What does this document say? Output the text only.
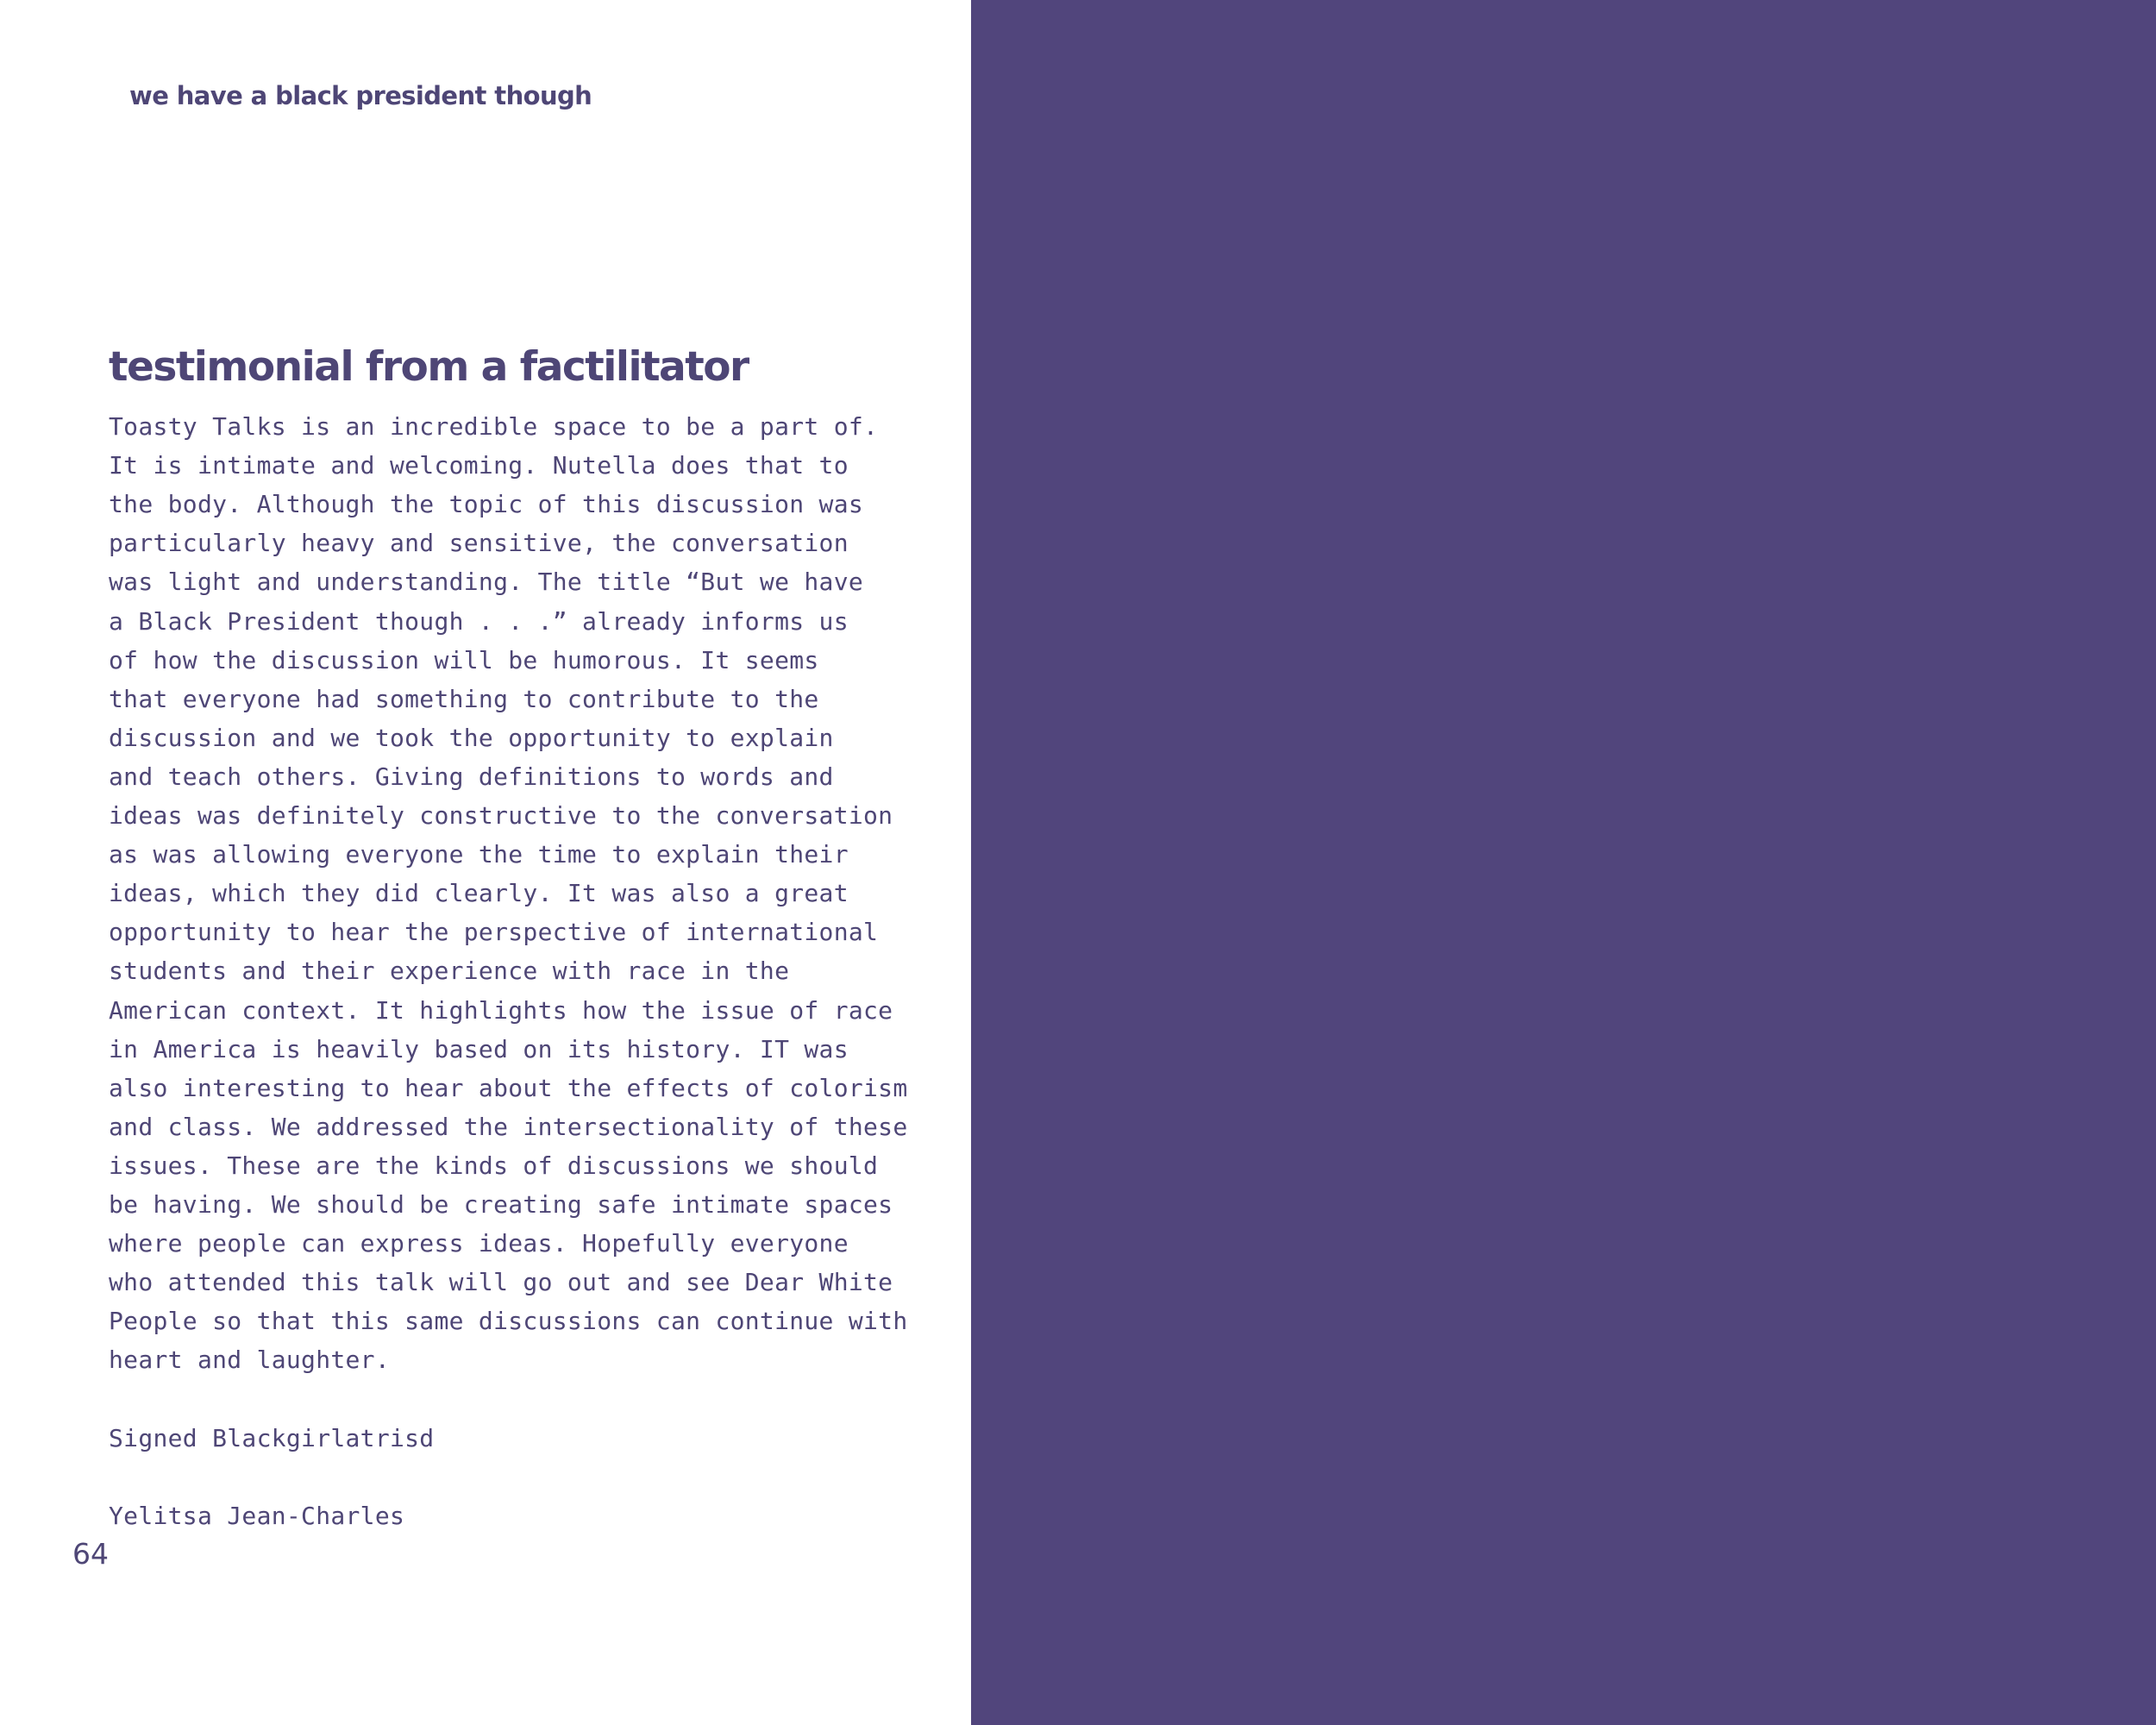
we have a black president though

testimonial from a factilitator

Toasty Talks is an incredible space to be a part of.

It is intimate and welcoming. Nutella does that to

the body. Although the topic of this discussion was

particularly heavy and sensitive, the conversation

was light and understanding. The title “But we have

a Black President though . . .” already informs us

of how the discussion will be humorous. It seems

that everyone had something to contribute to the

discussion and we took the opportunity to explain

and teach others. Giving definitions to words and

ideas was definitely constructive to the conversation

as was allowing everyone the time to explain their

ideas, which they did clearly. It was also a great

opportunity to hear the perspective of international

students and their experience with race in the

American context. It highlights how the issue of race

in America is heavily based on its history. IT was

also interesting to hear about the effects of colorism

and class. We addressed the intersectionality of these

issues. These are the kinds of discussions we should

be having. We should be creating safe intimate spaces

where people can express ideas. Hopefully everyone

who attended this talk will go out and see Dear White

People so that this same discussions can continue with

heart and laughter.

Signed Blackgirlatrisd

Yelitsa Jean-Charles

64
